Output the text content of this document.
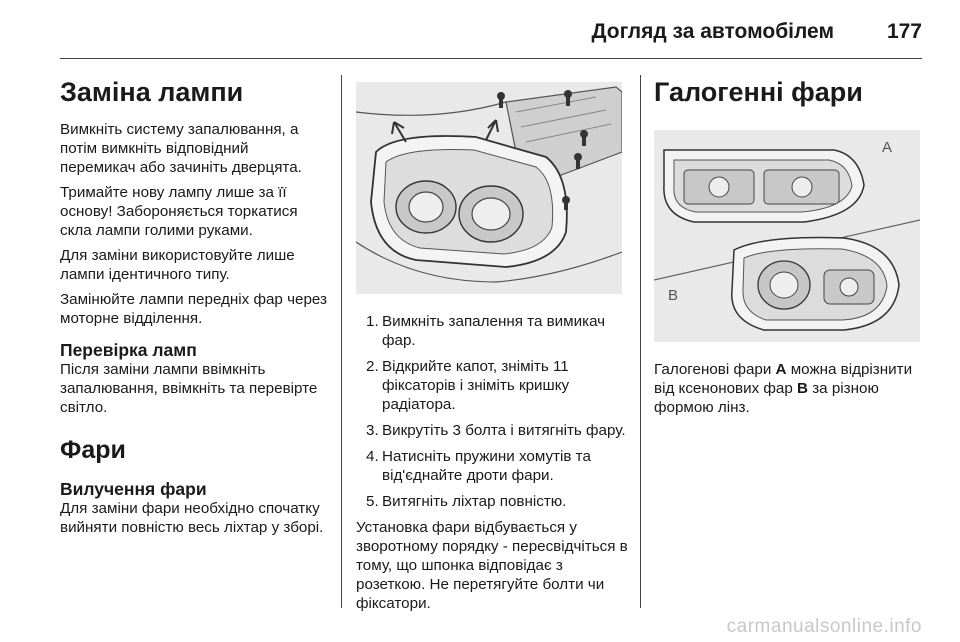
Догляд за автомобілем	177
Заміна лампи

Вимкніть систему запалювання, а потім вимкніть відповідний перемикач або зачиніть дверцята.

Тримайте нову лампу лише за її основу! Забороняється торкатися скла лампи голими руками.

Для заміни використовуйте лише лампи ідентичного типу.

Замінюйте лампи передніх фар через моторне відділення.

Перевірка ламп

Після заміни лампи ввімкніть запалювання, ввімкніть та перевірте світло.

Фари
Вилучення фари

Для заміни фари необхідно спочатку вийняти повністю весь ліхтар у зборі.

1. Вимкніть запалення та вимикач фар.
2. Відкрийте капот, зніміть 11 фіксаторів і зніміть кришку радіатора.
3. Викрутіть 3 болта і витягніть фару.
4. Натисніть пружини хомутів та від'єднайте дроти фари.
5. Витягніть ліхтар повністю.

Установка фари відбувається у зворотному порядку - пересвідчіться в тому, що шпонка відповідає з розеткою. Не перетягуйте болти чи фіксатори.

Галогенні фари
A
B

Галогенові фари A можна відрізнити від ксенонових фар B за різною формою лінз.

carmanualsonline.info
